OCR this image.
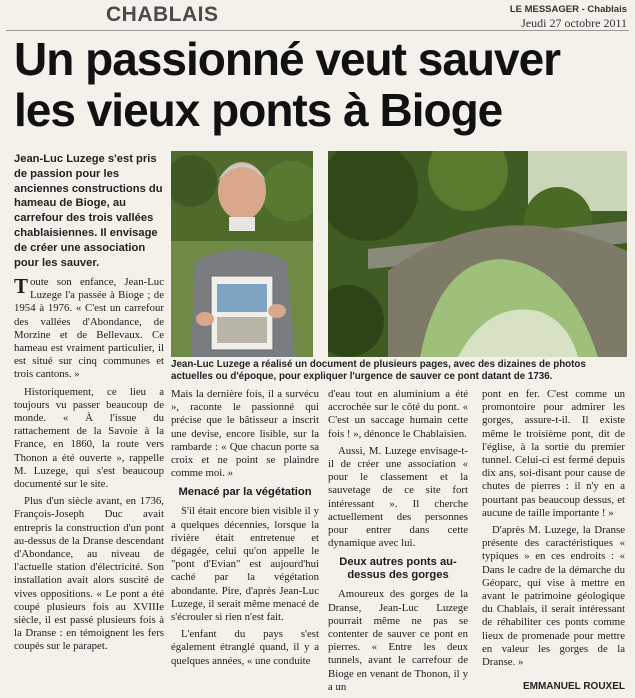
CHABLAIS	LE MESSAGER - Chablais
Jeudi 27 octobre 2011
Un passionné veut sauver
les vieux ponts à Bioge
Jean-Luc Luzege s'est pris de passion pour les anciennes constructions du hameau de Bioge, au carrefour des trois vallées chablaisiennes. Il envisage de créer une association pour les sauver.
Jean-Luc Luzege a réalisé un document de plusieurs pages, avec des dizaines de photos actuelles ou d'époque, pour expliquer l'urgence de sauver ce pont datant de 1736.

Toute son enfance, Jean-Luc Luzege l'a passée à Bioge ; de 1954 à 1976. « C'est un carrefour des vallées d'Abondance, de Morzine et de Bellevaux. Ce hameau est vraiment particulier, il est situé sur cinq communes et trois cantons. »

Historiquement, ce lieu a toujours vu passer beaucoup de monde. « À l'issue du rattachement de la Savoie à la France, en 1860, la route vers Thonon a été ouverte », rappelle M. Luzege, qui s'est beaucoup documenté sur le site.

Plus d'un siècle avant, en 1736, François-Joseph Duc avait entrepris la construction d'un pont au-dessus de la Dranse descendant d'Abondance, au niveau de l'actuelle station d'électricité. Son installation avait alors suscité de vives oppositions. « Le pont a été coupé plusieurs fois au XVIIIe siècle, il est passé plusieurs fois à la Dranse : en témoignent les fers coupés sur le parapet.

Mais la dernière fois, il a survécu », raconte le passionné qui précise que le bâtisseur a inscrit une devise, encore lisible, sur la rambarde : « Que chacun porte sa croix et ne point se plaindre comme moi. »

Menacé par la végétation

S'il était encore bien visible il y a quelques décennies, lorsque la rivière était entretenue et dégagée, celui qu'on appelle le "pont d'Evian" est aujourd'hui caché par la végétation abondante. Pire, d'après Jean-Luc Luzege, il serait même menacé de s'écrouler si rien n'est fait.

L'enfant du pays s'est également étranglé quand, il y a quelques années, « une conduite

d'eau tout en aluminium a été accrochée sur le côté du pont. « C'est un saccage humain cette fois ! », dénonce le Chablaisien.

Aussi, M. Luzege envisage-t-il de créer une association « pour le classement et la sauvetage de ce site fort intéressant ». Il cherche actuellement des personnes pour entrer dans cette dynamique avec lui.

Deux autres ponts au-dessus des gorges

Amoureux des gorges de la Dranse, Jean-Luc Luzege pourrait même ne pas se contenter de sauver ce pont en pierres. « Entre les deux tunnels, avant le carrefour de Bioge en venant de Thonon, il y a un

pont en fer. C'est comme un promontoire pour admirer les gorges, assure-t-il. Il existe même le troisième pont, dit de l'église, à la sortie du premier tunnel. Celui-ci est fermé depuis dix ans, soi-disant pour cause de chutes de pierres : il n'y en a pourtant pas beaucoup dessus, et aucune de taille importante ! »

D'après M. Luzege, la Dranse présente des caractéristiques « typiques » en ces endroits : « Dans le cadre de la démarche du Géoparc, qui vise à mettre en avant le patrimoine géologique du Chablais, il serait intéressant de réhabiliter ces ponts comme lieux de promenade pour mettre en valeur les gorges de la Dranse. »

EMMANUEL ROUXEL
